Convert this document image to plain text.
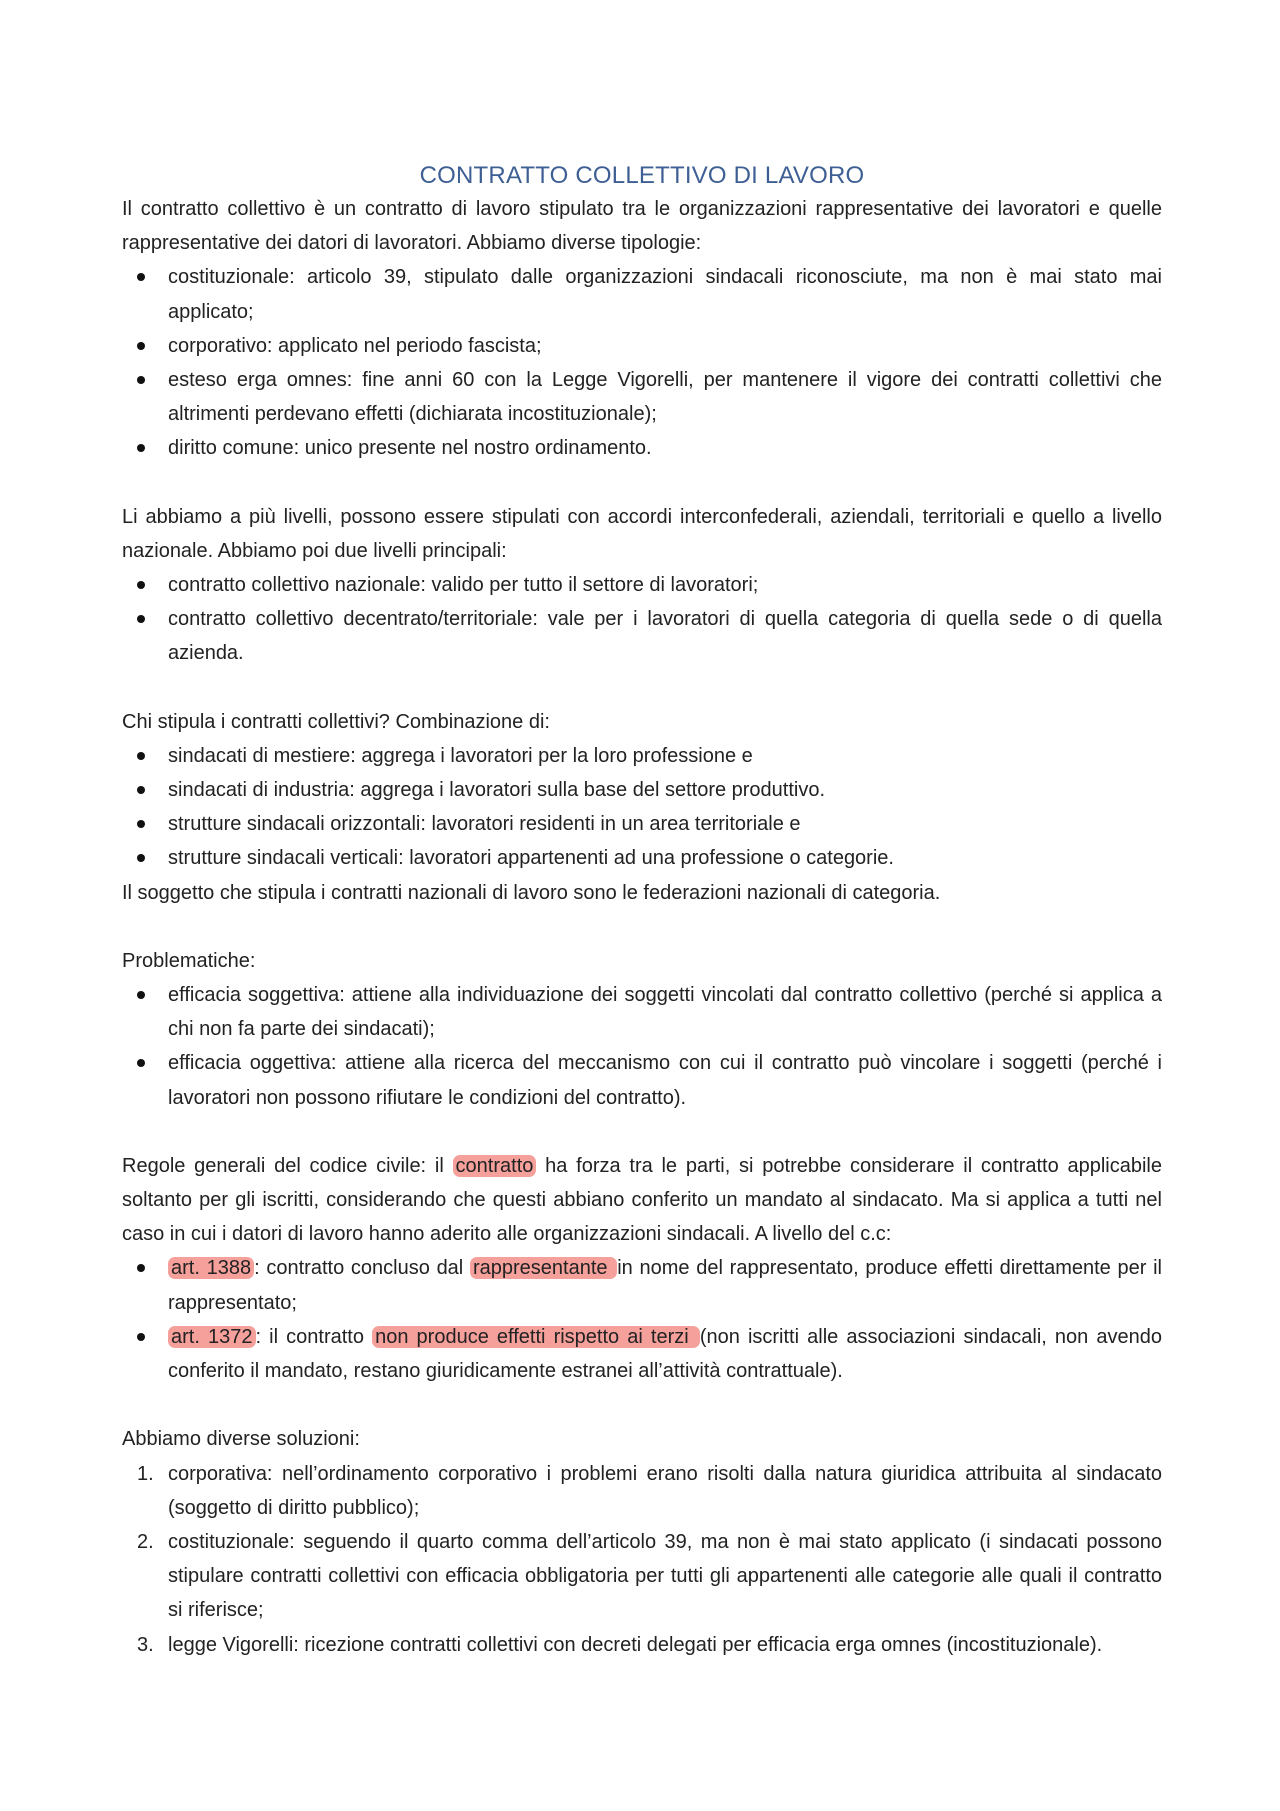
CONTRATTO COLLETTIVO DI LAVORO

Il contratto collettivo è un contratto di lavoro stipulato tra le organizzazioni rappresentative dei lavoratori e quelle rappresentative dei datori di lavoratori. Abbiamo diverse tipologie:

costituzionale: articolo 39, stipulato dalle organizzazioni sindacali riconosciute, ma non è mai stato mai applicato;
corporativo: applicato nel periodo fascista;
esteso erga omnes: fine anni 60 con la Legge Vigorelli, per mantenere il vigore dei contratti collettivi che altrimenti perdevano effetti (dichiarata incostituzionale);
diritto comune: unico presente nel nostro ordinamento.

Li abbiamo a più livelli, possono essere stipulati con accordi interconfederali, aziendali, territoriali e quello a livello nazionale. Abbiamo poi due livelli principali:

contratto collettivo nazionale: valido per tutto il settore di lavoratori;
contratto collettivo decentrato/territoriale: vale per i lavoratori di quella categoria di quella sede o di quella azienda.

Chi stipula i contratti collettivi? Combinazione di:

sindacati di mestiere: aggrega i lavoratori per la loro professione e
sindacati di industria: aggrega i lavoratori sulla base del settore produttivo.
strutture sindacali orizzontali: lavoratori residenti in un area territoriale e
strutture sindacali verticali: lavoratori appartenenti ad una professione o categorie.

Il soggetto che stipula i contratti nazionali di lavoro sono le federazioni nazionali di categoria.

Problematiche:

efficacia soggettiva: attiene alla individuazione dei soggetti vincolati dal contratto collettivo (perché si applica a chi non fa parte dei sindacati);
efficacia oggettiva: attiene alla ricerca del meccanismo con cui il contratto può vincolare i soggetti (perché i lavoratori non possono rifiutare le condizioni del contratto).

Regole generali del codice civile: il contratto ha forza tra le parti, si potrebbe considerare il contratto applicabile soltanto per gli iscritti, considerando che questi abbiano conferito un mandato al sindacato. Ma si applica a tutti nel caso in cui i datori di lavoro hanno aderito alle organizzazioni sindacali. A livello del c.c:

art. 1388 : contratto concluso dal rappresentante in nome del rappresentato, produce effetti direttamente per il rappresentato;
art. 1372 : il contratto non produce effetti rispetto ai terzi (non iscritti alle associazioni sindacali, non avendo conferito il mandato, restano giuridicamente estranei all’attività contrattuale).

Abbiamo diverse soluzioni:

corporativa: nell’ordinamento corporativo i problemi erano risolti dalla natura giuridica attribuita al sindacato (soggetto di diritto pubblico);
costituzionale: seguendo il quarto comma dell’articolo 39, ma non è mai stato applicato (i sindacati possono stipulare contratti collettivi con efficacia obbligatoria per tutti gli appartenenti alle categorie alle quali il contratto si riferisce;
legge Vigorelli: ricezione contratti collettivi con decreti delegati per efficacia erga omnes (incostituzionale).
